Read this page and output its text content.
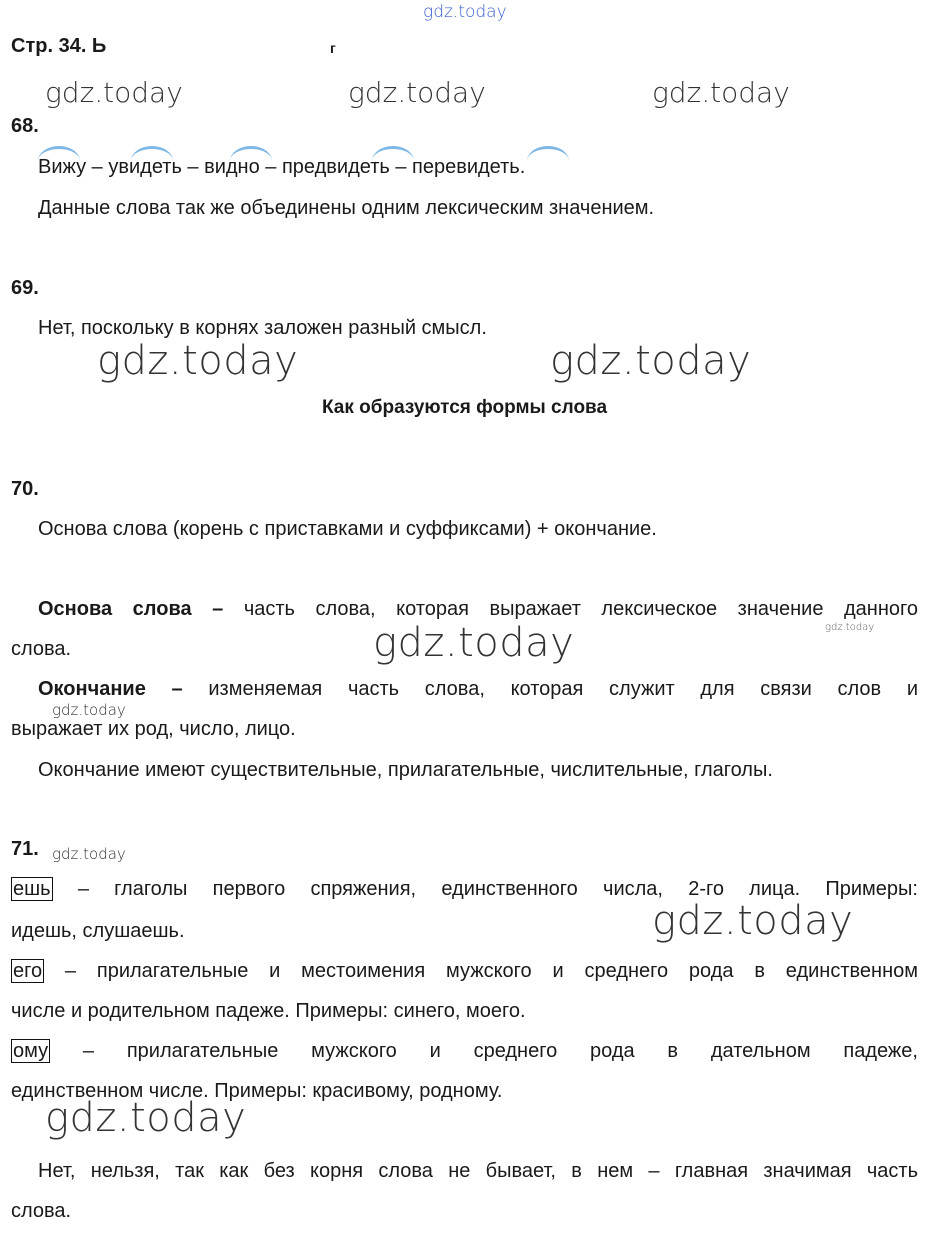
gdz.today
Стр. 34. Ь	г
gdz.today	gdz.today	gdz.today
68.
Вижу – увидеть – видно – предвидеть – перевидеть.
Данные слова так же объединены одним лексическим значением.
69.
Нет, поскольку в корнях заложен разный смысл.
gdz.today	gdz.today
Как образуются формы слова
70.
Основа слова (корень с приставками и суффиксами) + окончание.
Основа слова – часть слова, которая выражает лексическое значение данного
слова.	gdz.today	gdz.today
Окончание – изменяемая часть слова, которая служит для связи слов и
gdz.today
выражает их род, число, лицо.
Окончание имеют существительные, прилагательные, числительные, глаголы.
71. gdz.today
ешь – глаголы первого спряжения, единственного числа, 2-го лица. Примеры:
идешь, слушаешь.	gdz.today
его – прилагательные и местоимения мужского и среднего рода в единственном
числе и родительном падеже. Примеры: синего, моего.
ому – прилагательные мужского и среднего рода в дательном падеже,
единственном числе. Примеры: красивому, родному.
gdz.today
Нет, нельзя, так как без корня слова не бывает, в нем – главная значимая часть
слова.
